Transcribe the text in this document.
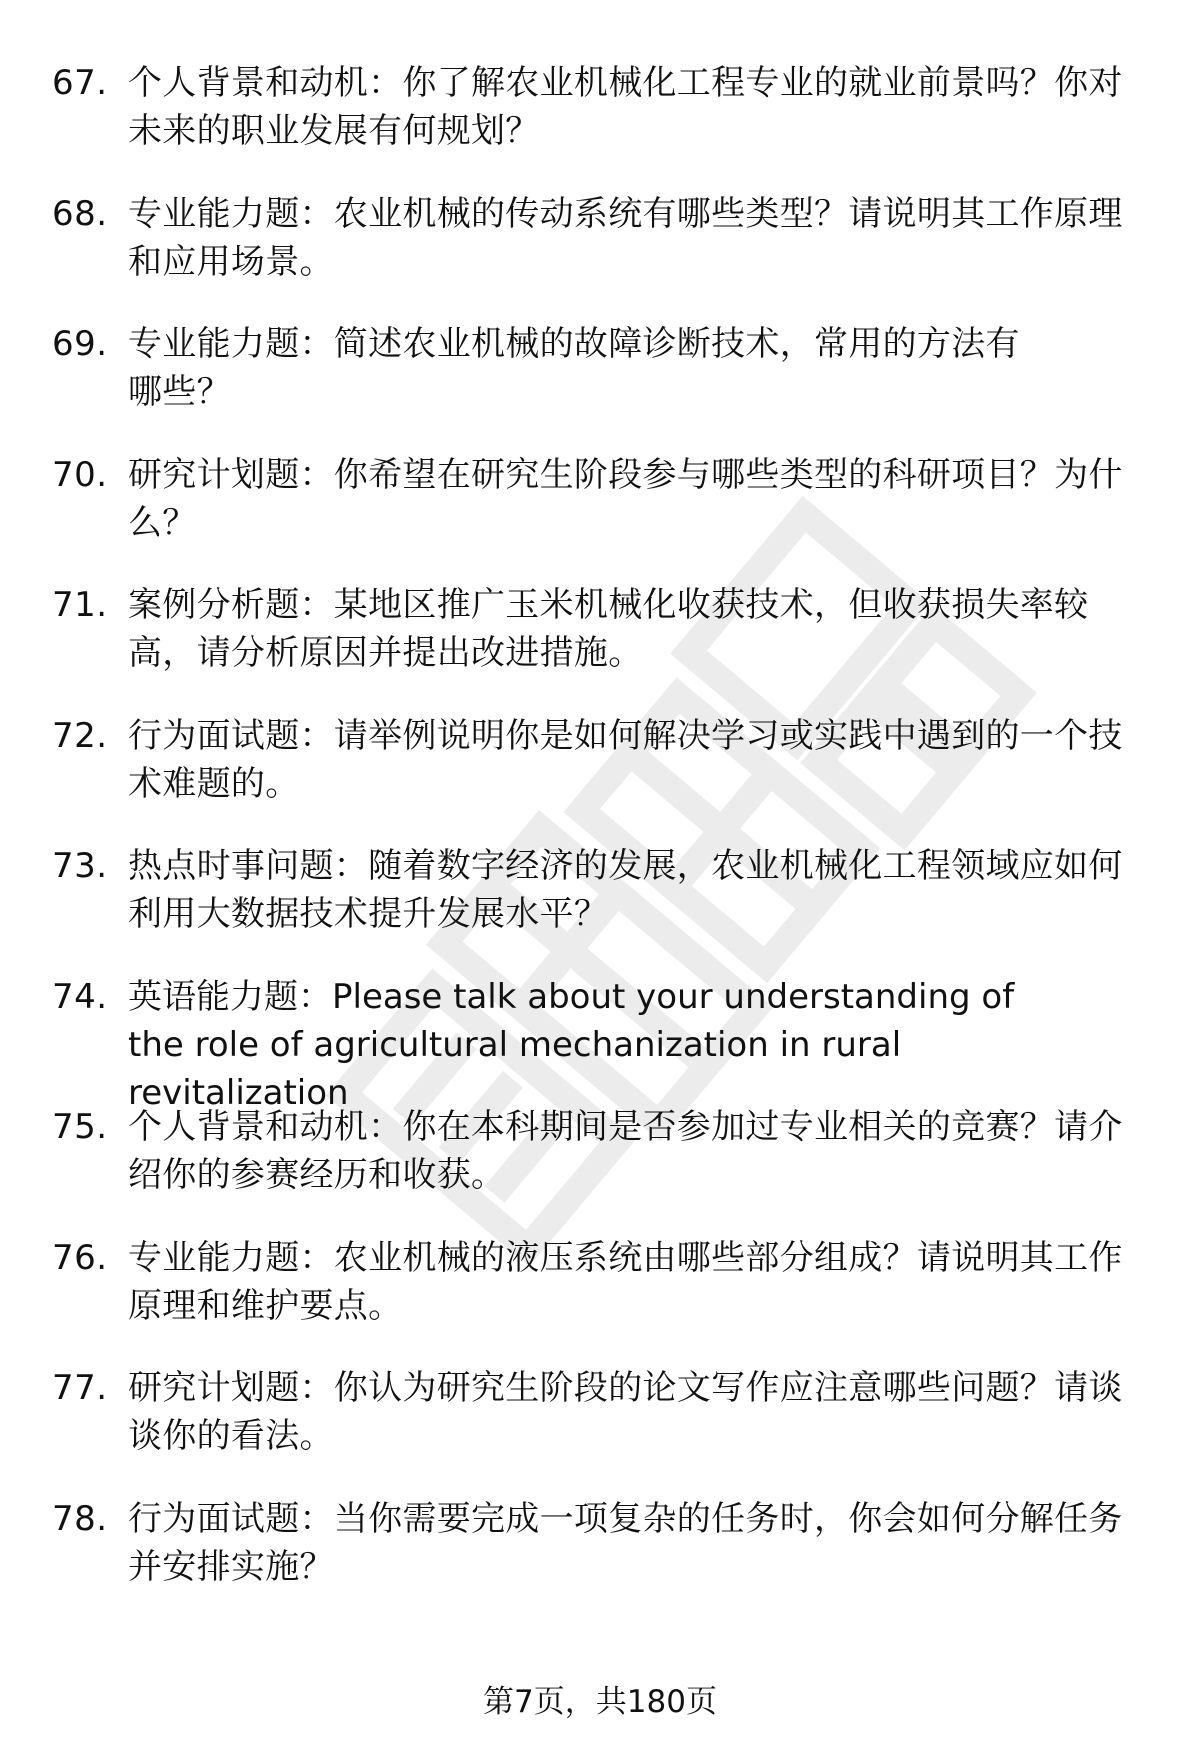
67. 个人背景和动机：你了解农业机械化工程专业的就业前景吗？你对未来的职业发展有何规划？
68. 专业能力题：农业机械的传动系统有哪些类型？请说明其工作原理和应用场景。
69. 专业能力题：简述农业机械的故障诊断技术，常用的方法有哪些？
70. 研究计划题：你希望在研究生阶段参与哪些类型的科研项目？为什么？
71. 案例分析题：某地区推广玉米机械化收获技术，但收获损失率较高，请分析原因并提出改进措施。
72. 行为面试题：请举例说明你是如何解决学习或实践中遇到的一个技术难题的。
73. 热点时事问题：随着数字经济的发展，农业机械化工程领域应如何利用大数据技术提升发展水平？
74. 英语能力题：Please talk about your understanding of the role of agricultural mechanization in rural revitalization
75. 个人背景和动机：你在本科期间是否参加过专业相关的竞赛？请介绍你的参赛经历和收获。
76. 专业能力题：农业机械的液压系统由哪些部分组成？请说明其工作原理和维护要点。
77. 研究计划题：你认为研究生阶段的论文写作应注意哪些问题？请谈谈你的看法。
78. 行为面试题：当你需要完成一项复杂的任务时，你会如何分解任务并安排实施？
第7页，共180页
